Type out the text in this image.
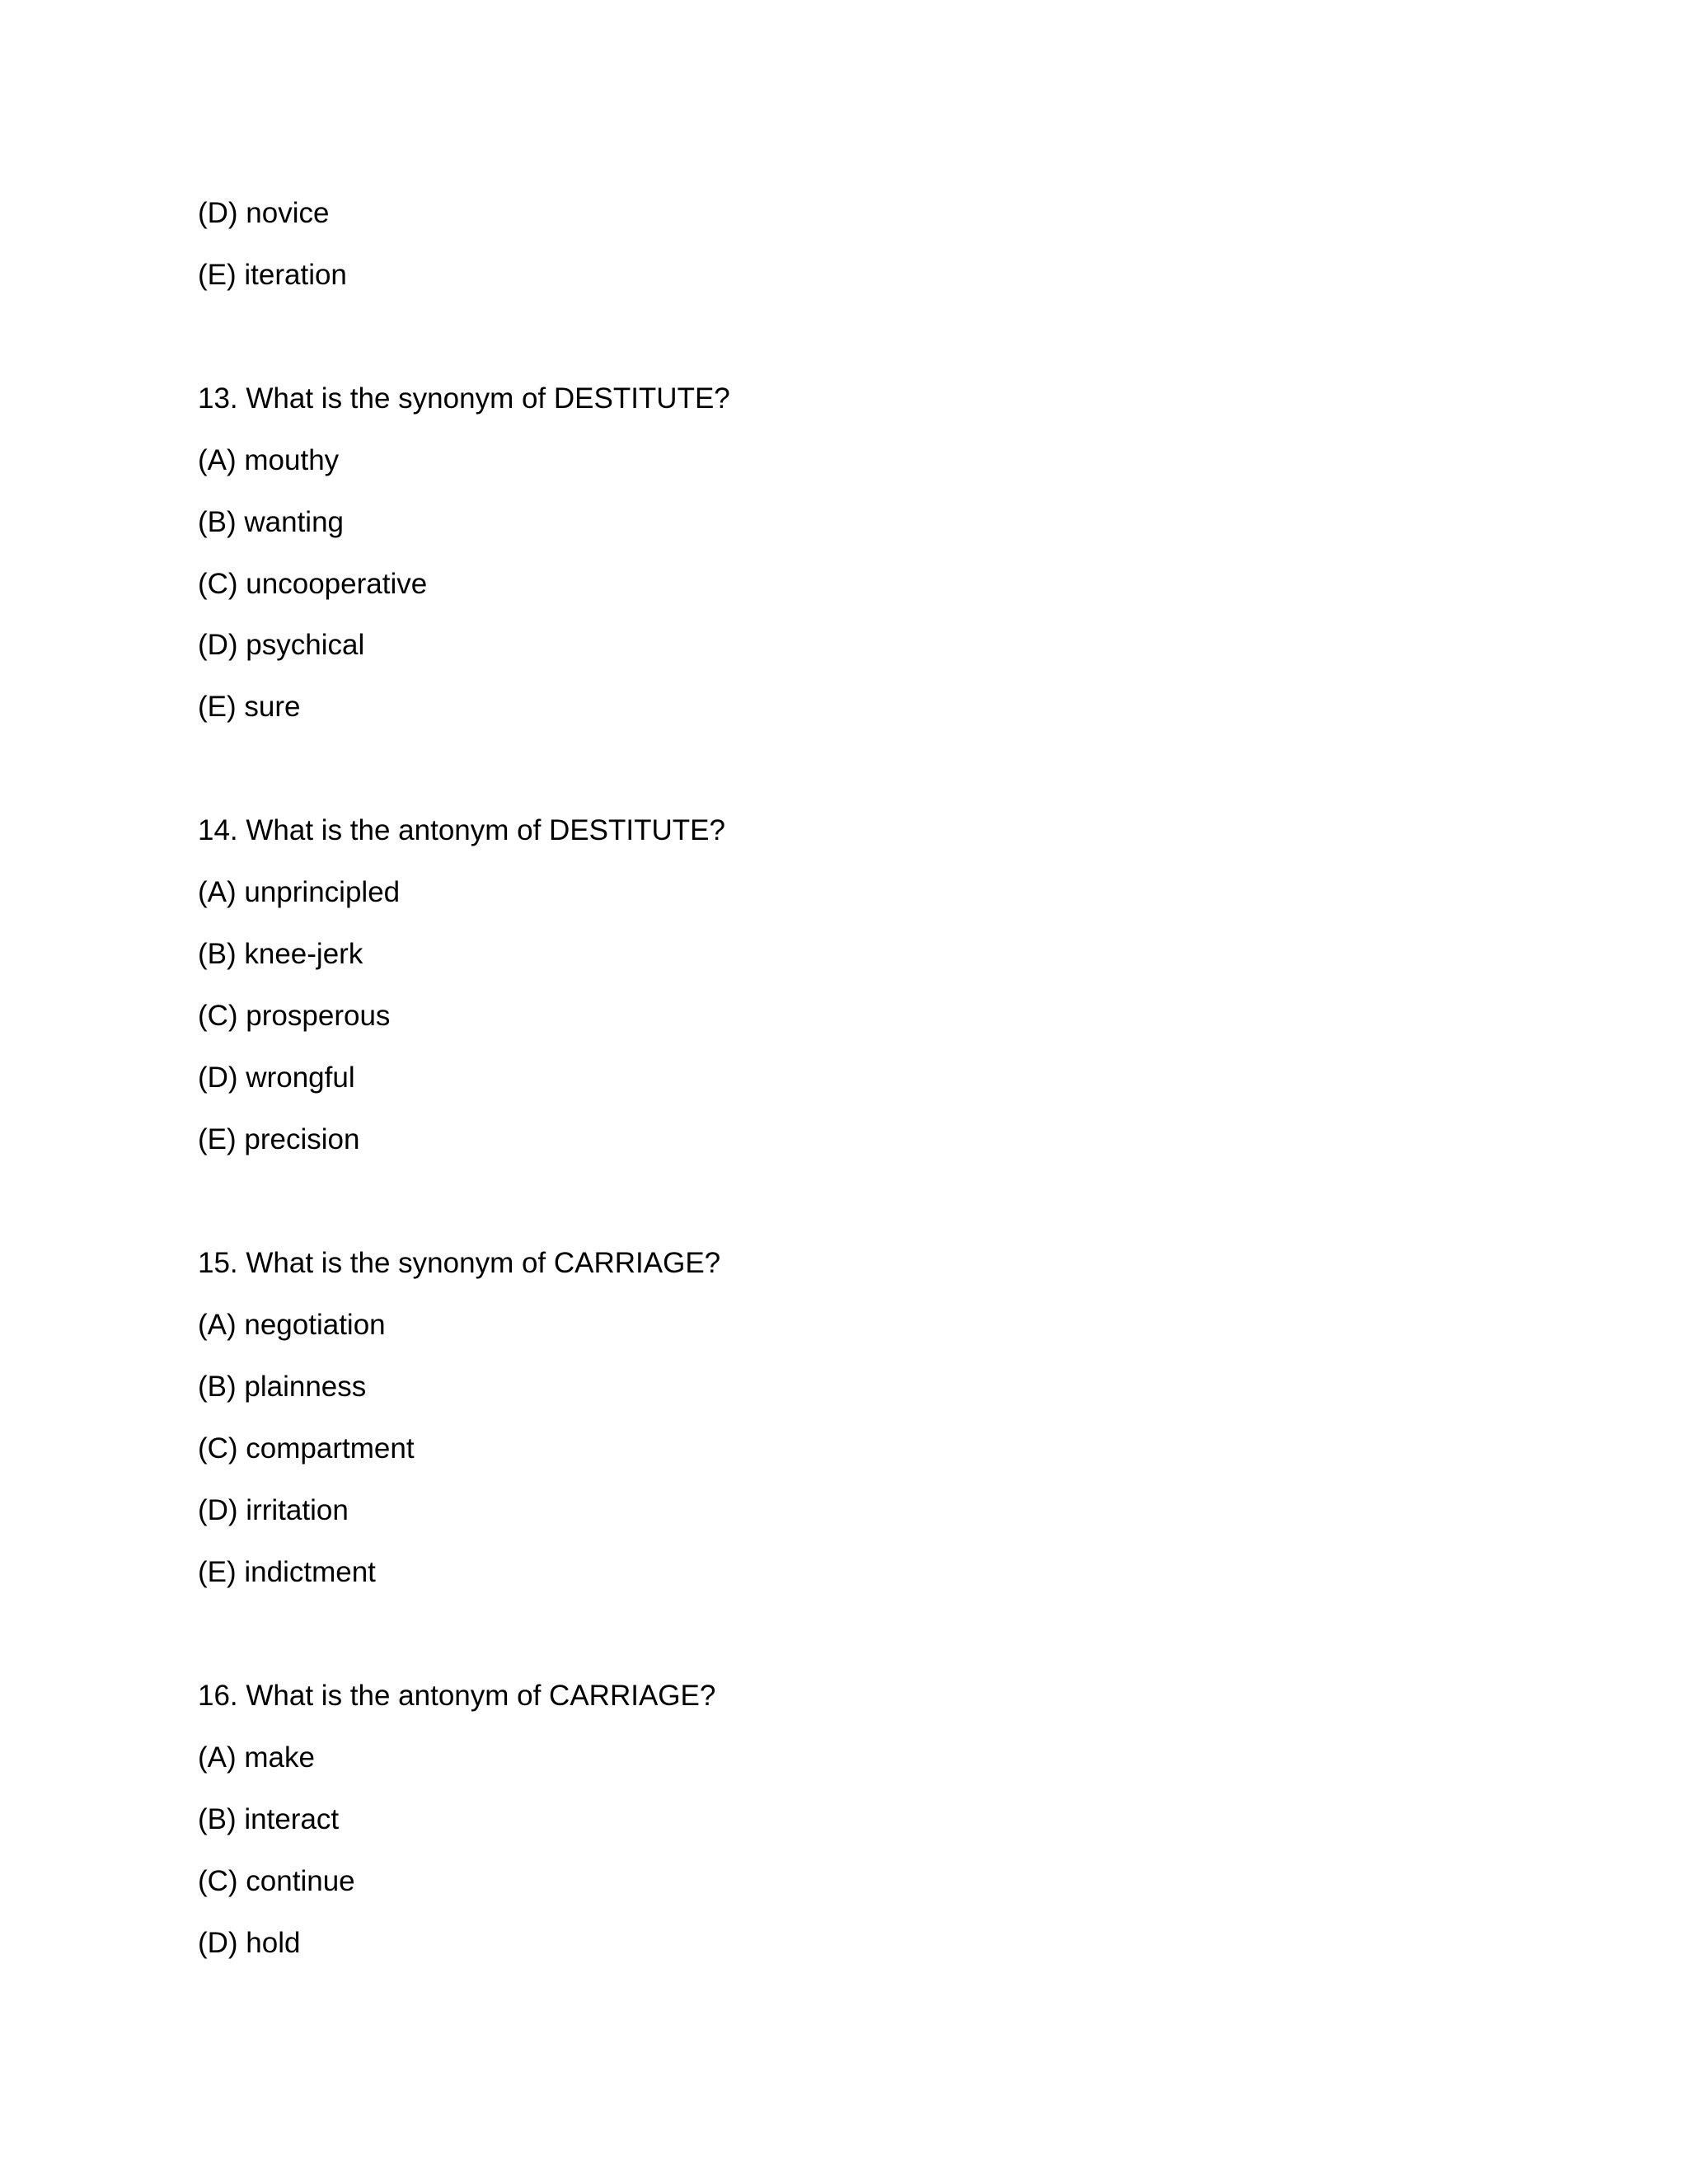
(D) novice
(E) iteration
13. What is the synonym of DESTITUTE?
(A) mouthy
(B) wanting
(C) uncooperative
(D) psychical
(E) sure
14. What is the antonym of DESTITUTE?
(A) unprincipled
(B) knee-jerk
(C) prosperous
(D) wrongful
(E) precision
15. What is the synonym of CARRIAGE?
(A) negotiation
(B) plainness
(C) compartment
(D) irritation
(E) indictment
16. What is the antonym of CARRIAGE?
(A) make
(B) interact
(C) continue
(D) hold
